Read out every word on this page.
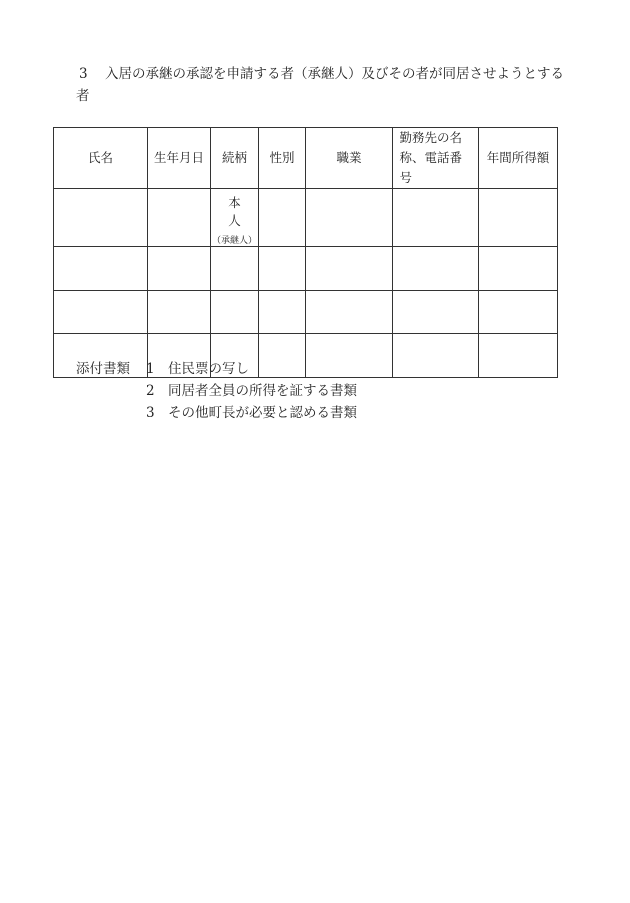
3 入居の承継の承認を申請する者（承継人）及びその者が同居させようとする者
氏名	生年月日	続柄	性別	職業	勤務先の名称、電話番号	年間所得額

		本人
（承継人）				

添付書類	1 住民票の写し
2 同居者全員の所得を証する書類
3 その他町長が必要と認める書類
